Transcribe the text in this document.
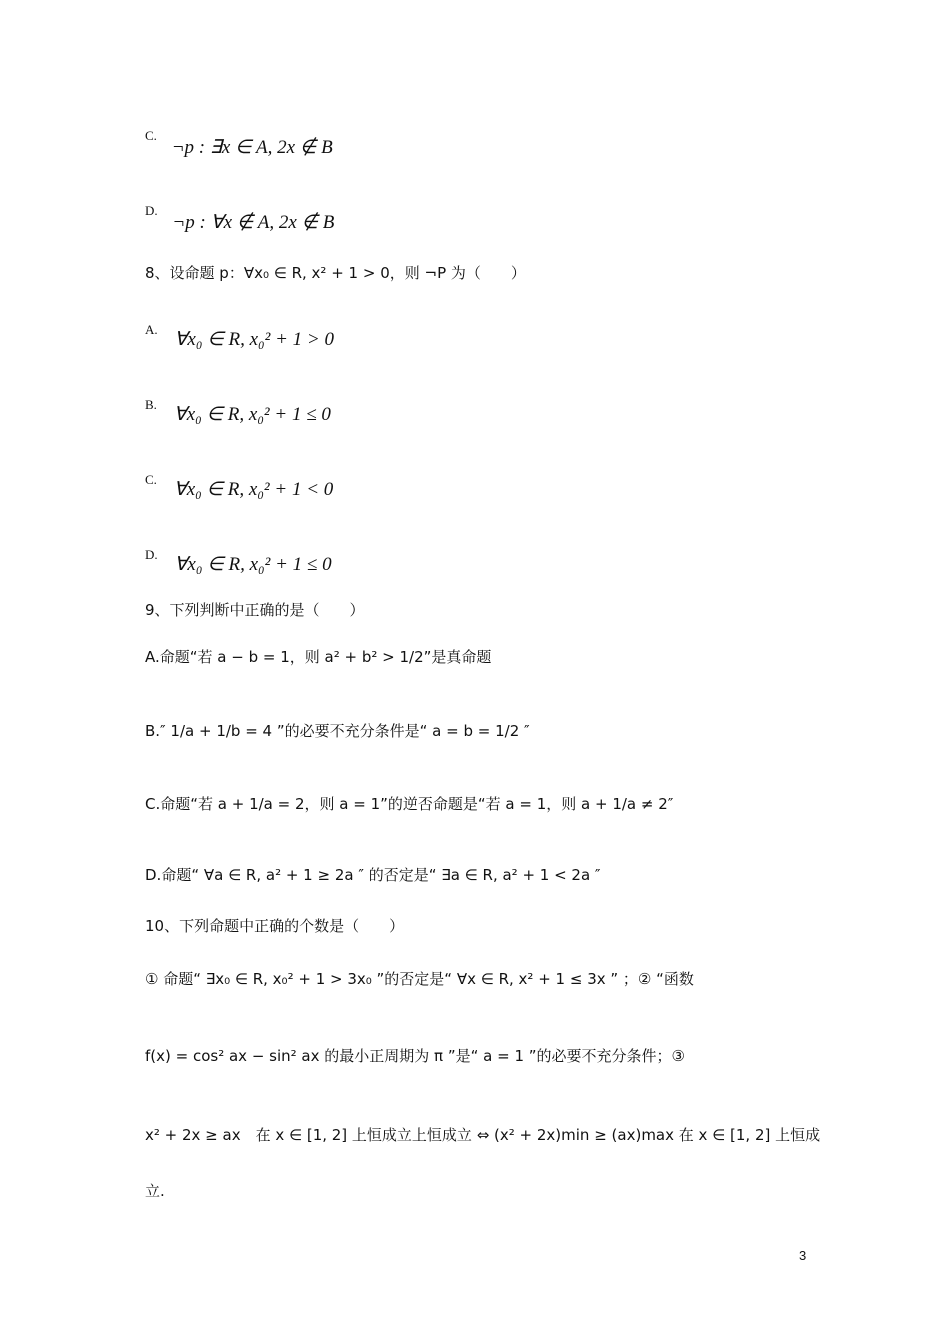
C. ¬p : ∃x ∈ A, 2x ∉ B
D. ¬p : ∀x ∉ A, 2x ∉ B
8、设命题 p：∀x₀ ∈ R, x² + 1 > 0，则 ¬P 为（　　）
A. ∀x₀ ∈ R, x₀² + 1 > 0
B. ∀x₀ ∈ R, x₀² + 1 ≤ 0
C. ∀x₀ ∈ R, x₀² + 1 < 0
D. ∀x₀ ∈ R, x₀² + 1 ≤ 0
9、下列判断中正确的是（　　）
A.命题“若 a − b = 1，则 a² + b² > 1/2”是真命题
B.″ 1/a + 1/b = 4 ”的必要不充分条件是“ a = b = 1/2 ″
C.命题“若 a + 1/a = 2，则 a = 1”的逆否命题是“若 a = 1，则 a + 1/a ≠ 2″
D.命题“ ∀a ∈ R, a² + 1 ≥ 2a ″ 的否定是“ ∃a ∈ R, a² + 1 < 2a ″
10、下列命题中正确的个数是（　　）
① 命题“ ∃x₀ ∈ R, x₀² + 1 > 3x₀ ”的否定是“ ∀x ∈ R, x² + 1 ≤ 3x ” ；② “函数
f(x) = cos² ax − sin² ax 的最小正周期为 π ”是“ a = 1 ”的必要不充分条件；③
x² + 2x ≥ ax　在 x ∈ [1, 2] 上恒成立上恒成立 ⇔ (x² + 2x)min ≥ (ax)max 在 x ∈ [1, 2] 上恒成
立.
3
